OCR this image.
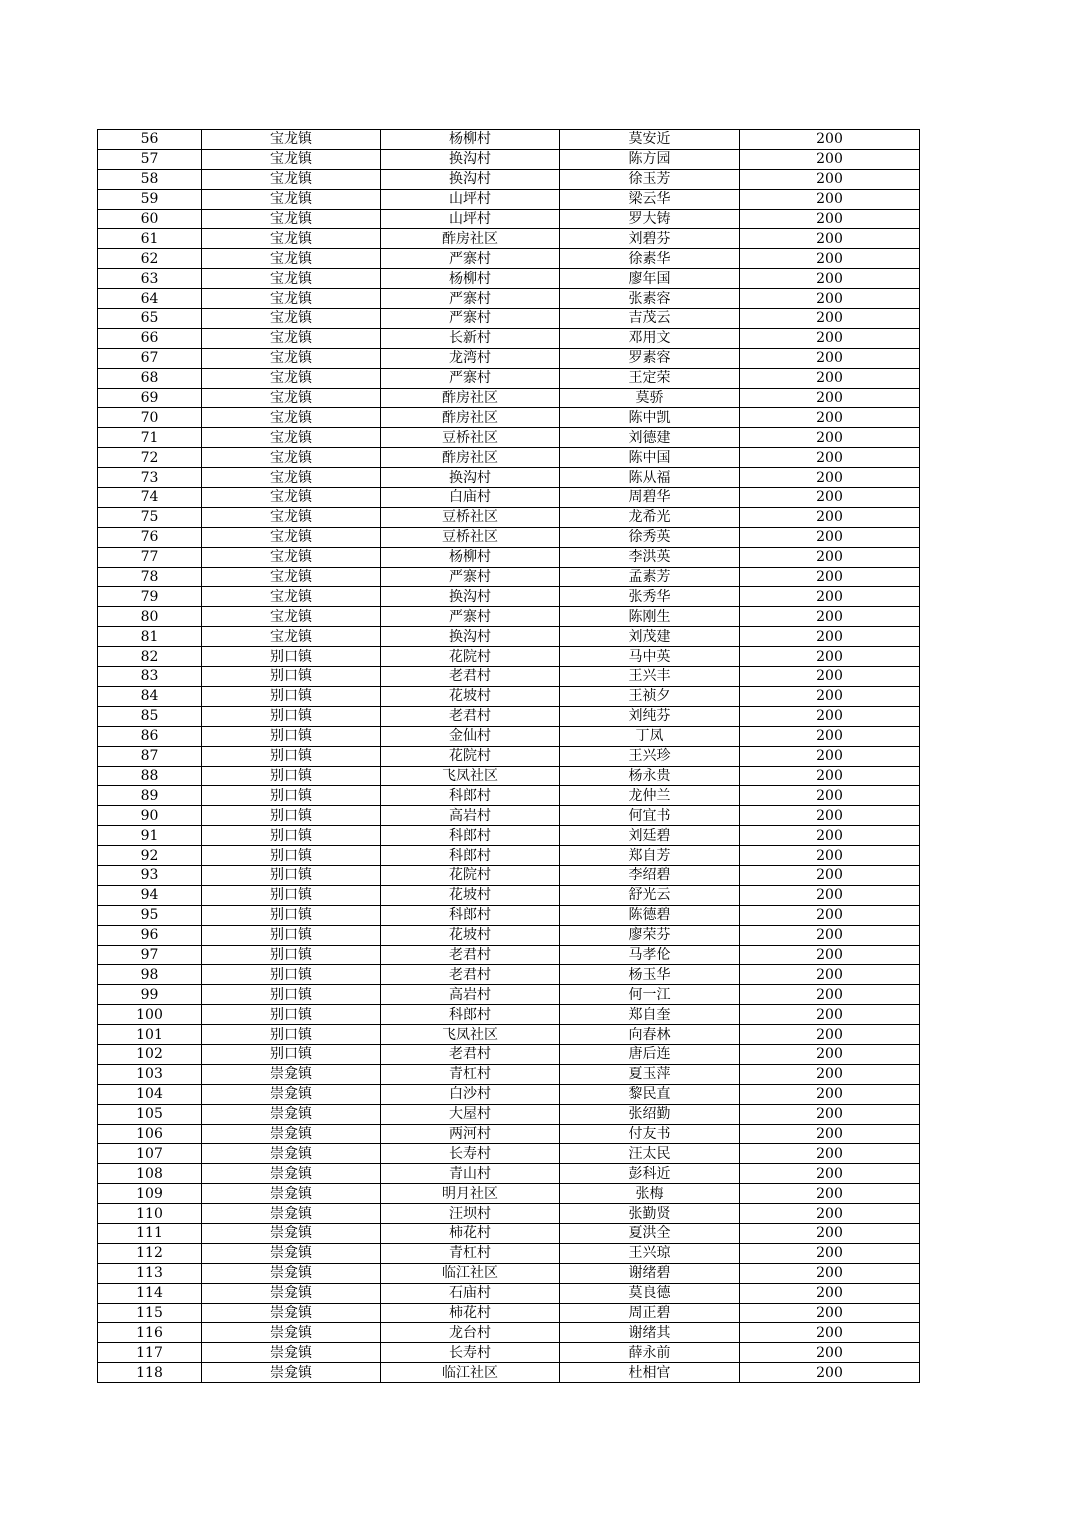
56	宝龙镇	杨柳村	莫安近	200
57	宝龙镇	换沟村	陈方园	200
58	宝龙镇	换沟村	徐玉芳	200
59	宝龙镇	山坪村	梁云华	200
60	宝龙镇	山坪村	罗大铸	200
61	宝龙镇	酢房社区	刘碧芬	200
62	宝龙镇	严寨村	徐素华	200
63	宝龙镇	杨柳村	廖年国	200
64	宝龙镇	严寨村	张素容	200
65	宝龙镇	严寨村	吉茂云	200
66	宝龙镇	长新村	邓用文	200
67	宝龙镇	龙湾村	罗素容	200
68	宝龙镇	严寨村	王定荣	200
69	宝龙镇	酢房社区	莫骄	200
70	宝龙镇	酢房社区	陈中凯	200
71	宝龙镇	豆桥社区	刘德建	200
72	宝龙镇	酢房社区	陈中国	200
73	宝龙镇	换沟村	陈从福	200
74	宝龙镇	白庙村	周碧华	200
75	宝龙镇	豆桥社区	龙希光	200
76	宝龙镇	豆桥社区	徐秀英	200
77	宝龙镇	杨柳村	李洪英	200
78	宝龙镇	严寨村	孟素芳	200
79	宝龙镇	换沟村	张秀华	200
80	宝龙镇	严寨村	陈刚生	200
81	宝龙镇	换沟村	刘茂建	200
82	别口镇	花院村	马中英	200
83	别口镇	老君村	王兴丰	200
84	别口镇	花坡村	王祯夕	200
85	别口镇	老君村	刘纯芬	200
86	别口镇	金仙村	丁凤	200
87	别口镇	花院村	王兴珍	200
88	别口镇	飞凤社区	杨永贵	200
89	别口镇	科郎村	龙仲兰	200
90	别口镇	高岩村	何宜书	200
91	别口镇	科郎村	刘廷碧	200
92	别口镇	科郎村	郑自芳	200
93	别口镇	花院村	李绍碧	200
94	别口镇	花坡村	舒光云	200
95	别口镇	科郎村	陈德碧	200
96	别口镇	花坡村	廖荣芬	200
97	别口镇	老君村	马孝伦	200
98	别口镇	老君村	杨玉华	200
99	别口镇	高岩村	何一江	200
100	别口镇	科郎村	郑自奎	200
101	别口镇	飞凤社区	向春林	200
102	别口镇	老君村	唐后连	200
103	崇龛镇	青杠村	夏玉萍	200
104	崇龛镇	白沙村	黎民直	200
105	崇龛镇	大屋村	张绍勤	200
106	崇龛镇	两河村	付友书	200
107	崇龛镇	长寿村	汪太民	200
108	崇龛镇	青山村	彭科近	200
109	崇龛镇	明月社区	张梅	200
110	崇龛镇	汪坝村	张勤贤	200
111	崇龛镇	柿花村	夏洪全	200
112	崇龛镇	青杠村	王兴琼	200
113	崇龛镇	临江社区	谢绪碧	200
114	崇龛镇	石庙村	莫良德	200
115	崇龛镇	柿花村	周正碧	200
116	崇龛镇	龙台村	谢绪其	200
117	崇龛镇	长寿村	薛永前	200
118	崇龛镇	临江社区	杜相官	200
